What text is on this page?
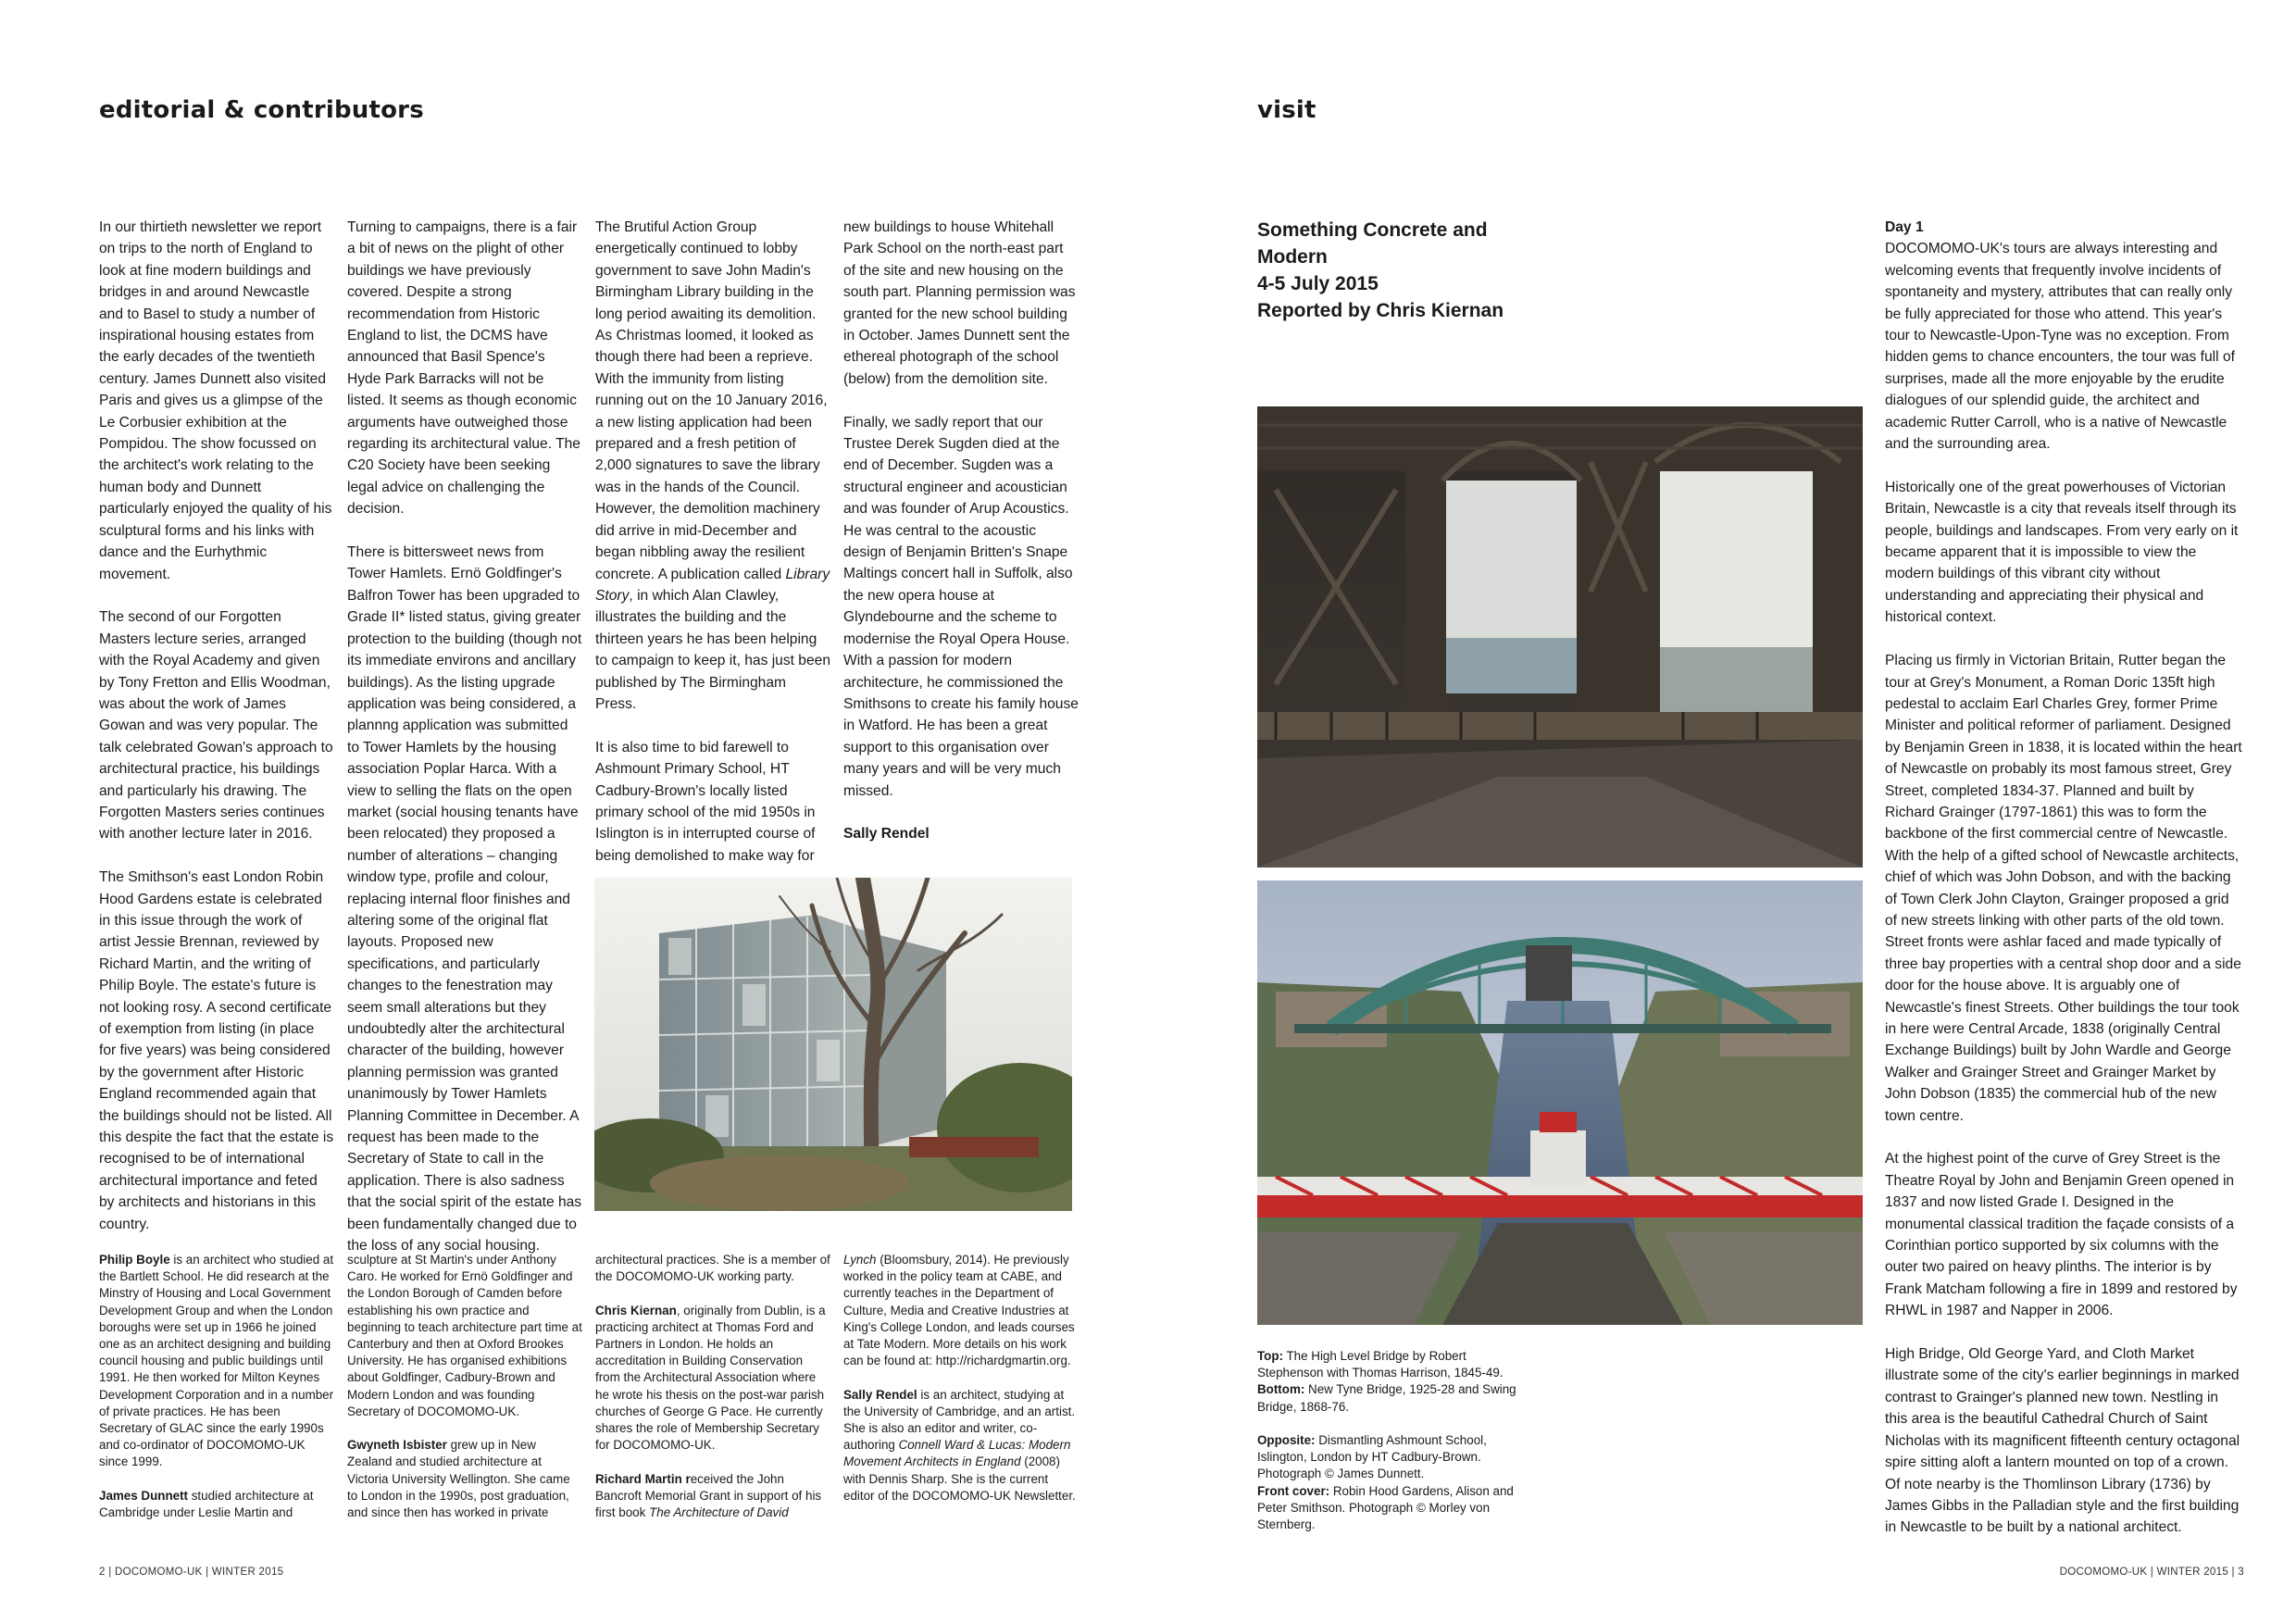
editorial & contributors

In our thirtieth newsletter we report on trips to the north of England to look at fine modern buildings and bridges in and around Newcastle and to Basel to study a number of inspirational housing estates from the early decades of the twentieth century. James Dunnett also visited Paris and gives us a glimpse of the Le Corbusier exhibition at the Pompidou. The show focussed on the architect's work relating to the human body and Dunnett particularly enjoyed the quality of his sculptural forms and his links with dance and the Eurhythmic movement.

The second of our Forgotten Masters lecture series, arranged with the Royal Academy and given by Tony Fretton and Ellis Woodman, was about the work of James Gowan and was very popular. The talk celebrated Gowan's approach to architectural practice, his buildings and particularly his drawing. The Forgotten Masters series continues with another lecture later in 2016.

The Smithson's east London Robin Hood Gardens estate is celebrated in this issue through the work of artist Jessie Brennan, reviewed by Richard Martin, and the writing of Philip Boyle. The estate's future is not looking rosy. A second certificate of exemption from listing (in place for five years) was being considered by the government after Historic England recommended again that the buildings should not be listed. All this despite the fact that the estate is recognised to be of international architectural importance and feted by architects and historians in this country.

Turning to campaigns, there is a fair a bit of news on the plight of other buildings we have previously covered. Despite a strong recommendation from Historic England to list, the DCMS have announced that Basil Spence's Hyde Park Barracks will not be listed. It seems as though economic arguments have outweighed those regarding its architectural value. The C20 Society have been seeking legal advice on challenging the decision.

There is bittersweet news from Tower Hamlets. Ernö Goldfinger's Balfron Tower has been upgraded to Grade II* listed status, giving greater protection to the building (though not its immediate environs and ancillary buildings). As the listing upgrade application was being considered, a plannng application was submitted to Tower Hamlets by the housing association Poplar Harca. With a view to selling the flats on the open market (social housing tenants have been relocated) they proposed a number of alterations – changing window type, profile and colour, replacing internal floor finishes and altering some of the original flat layouts. Proposed new specifications, and particularly changes to the fenestration may seem small alterations but they undoubtedly alter the architectural character of the building, however planning permission was granted unanimously by Tower Hamlets Planning Committee in December. A request has been made to the Secretary of State to call in the application. There is also sadness that the social spirit of the estate has been fundamentally changed due to the loss of any social housing.

The Brutiful Action Group energetically continued to lobby government to save John Madin's Birmingham Library building in the long period awaiting its demolition. As Christmas loomed, it looked as though there had been a reprieve. With the immunity from listing running out on the 10 January 2016, a new listing application had been prepared and a fresh petition of 2,000 signatures to save the library was in the hands of the Council. However, the demolition machinery did arrive in mid-December and began nibbling away the resilient concrete. A publication called Library Story, in which Alan Clawley, illustrates the building and the thirteen years he has been helping to campaign to keep it, has just been published by The Birmingham Press.

It is also time to bid farewell to Ashmount Primary School, HT Cadbury-Brown's locally listed primary school of the mid 1950s in Islington is in interrupted course of being demolished to make way for

new buildings to house Whitehall Park School on the north-east part of the site and new housing on the south part. Planning permission was granted for the new school building in October. James Dunnett sent the ethereal photograph of the school (below) from the demolition site.

Finally, we sadly report that our Trustee Derek Sugden died at the end of December. Sugden was a structural engineer and acoustician and was founder of Arup Acoustics. He was central to the acoustic design of Benjamin Britten's Snape Maltings concert hall in Suffolk, also the new opera house at Glyndebourne and the scheme to modernise the Royal Opera House. With a passion for modern architecture, he commissioned the Smithsons to create his family house in Watford. He has been a great support to this organisation over many years and will be very much missed.

Sally Rendel

Philip Boyle is an architect who studied at the Bartlett School. He did research at the Minstry of Housing and Local Government Development Group and when the London boroughs were set up in 1966 he joined one as an architect designing and building council housing and public buildings until 1991. He then worked for Milton Keynes Development Corporation and in a number of private practices. He has been Secretary of GLAC since the early 1990s and co-ordinator of DOCOMOMO-UK since 1999.

James Dunnett studied architecture at Cambridge under Leslie Martin and

sculpture at St Martin's under Anthony Caro. He worked for Ernö Goldfinger and the London Borough of Camden before establishing his own practice and beginning to teach architecture part time at Canterbury and then at Oxford Brookes University. He has organised exhibitions about Goldfinger, Cadbury-Brown and Modern London and was founding Secretary of DOCOMOMO-UK.

Gwyneth Isbister grew up in New Zealand and studied architecture at Victoria University Wellington. She came to London in the 1990s, post graduation, and since then has worked in private

architectural practices. She is a member of the DOCOMOMO-UK working party.

Chris Kiernan, originally from Dublin, is a practicing architect at Thomas Ford and Partners in London. He holds an accreditation in Building Conservation from the Architectural Association where he wrote his thesis on the post-war parish churches of George G Pace. He currently shares the role of Membership Secretary for DOCOMOMO-UK.

Richard Martin received the John Bancroft Memorial Grant in support of his first book The Architecture of David

Lynch (Bloomsbury, 2014). He previously worked in the policy team at CABE, and currently teaches in the Department of Culture, Media and Creative Industries at King's College London, and leads courses at Tate Modern. More details on his work can be found at: http://richardgmartin.org.

Sally Rendel is an architect, studying at the University of Cambridge, and an artist. She is also an editor and writer, co-authoring Connell Ward & Lucas: Modern Movement Architects in England (2008) with Dennis Sharp. She is the current editor of the DOCOMOMO-UK Newsletter.

2 | DOCOMOMO-UK | WINTER 2015
visit
Something Concrete and
Modern
4-5 July 2015
Reported by Chris Kiernan
Top: The High Level Bridge by Robert Stephenson with Thomas Harrison, 1845-49.

Bottom: New Tyne Bridge, 1925-28 and Swing Bridge, 1868-76.

Opposite: Dismantling Ashmount School, Islington, London by HT Cadbury-Brown. Photograph © James Dunnett.
Front cover: Robin Hood Gardens, Alison and Peter Smithson. Photograph © Morley von Sternberg.
Day 1

DOCOMOMO-UK's tours are always interesting and welcoming events that frequently involve incidents of spontaneity and mystery, attributes that can really only be fully appreciated for those who attend. This year's tour to Newcastle-Upon-Tyne was no exception. From hidden gems to chance encounters, the tour was full of surprises, made all the more enjoyable by the erudite dialogues of our splendid guide, the architect and academic Rutter Carroll, who is a native of Newcastle and the surrounding area.

Historically one of the great powerhouses of Victorian Britain, Newcastle is a city that reveals itself through its people, buildings and landscapes. From very early on it became apparent that it is impossible to view the modern buildings of this vibrant city without understanding and appreciating their physical and historical context.

Placing us firmly in Victorian Britain, Rutter began the tour at Grey's Monument, a Roman Doric 135ft high pedestal to acclaim Earl Charles Grey, former Prime Minister and political reformer of parliament. Designed by Benjamin Green in 1838, it is located within the heart of Newcastle on probably its most famous street, Grey Street, completed 1834-37. Planned and built by Richard Grainger (1797-1861) this was to form the backbone of the first commercial centre of Newcastle. With the help of a gifted school of Newcastle architects, chief of which was John Dobson, and with the backing of Town Clerk John Clayton, Grainger proposed a grid of new streets linking with other parts of the old town. Street fronts were ashlar faced and made typically of three bay properties with a central shop door and a side door for the house above. It is arguably one of Newcastle's finest Streets. Other buildings the tour took in here were Central Arcade, 1838 (originally Central Exchange Buildings) built by John Wardle and George Walker and Grainger Street and Grainger Market by John Dobson (1835) the commercial hub of the new town centre.

At the highest point of the curve of Grey Street is the Theatre Royal by John and Benjamin Green opened in 1837 and now listed Grade I. Designed in the monumental classical tradition the façade consists of a Corinthian portico supported by six columns with the outer two paired on heavy plinths. The interior is by Frank Matcham following a fire in 1899 and restored by RHWL in 1987 and Napper in 2006.

High Bridge, Old George Yard, and Cloth Market illustrate some of the city's earlier beginnings in marked contrast to Grainger's planned new town. Nestling in this area is the beautiful Cathedral Church of Saint Nicholas with its magnificent fifteenth century octagonal spire sitting aloft a lantern mounted on top of a crown. Of note nearby is the Thomlinson Library (1736) by James Gibbs in the Palladian style and the first building in Newcastle to be built by a national architect.

DOCOMOMO-UK | WINTER 2015 | 3
